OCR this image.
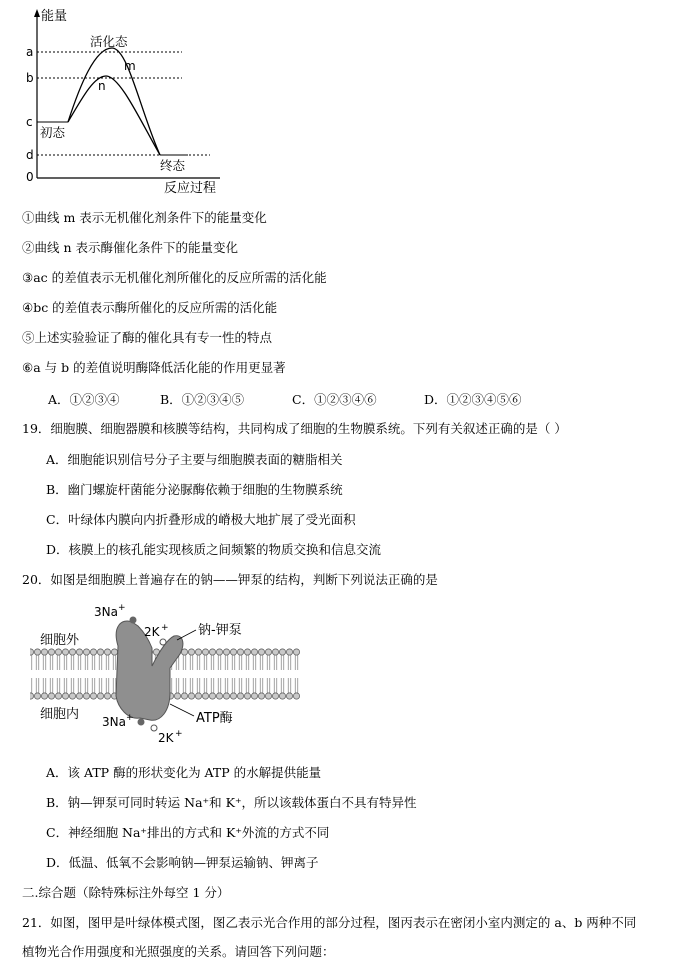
能量
a
b
c
d
0
活化态
m
n
初态
终态
反应过程
①曲线 m 表示无机催化剂条件下的能量变化
②曲线 n 表示酶催化条件下的能量变化
③ac 的差值表示无机催化剂所催化的反应所需的活化能
④bc 的差值表示酶所催化的反应所需的活化能
⑤上述实验验证了酶的催化具有专一性的特点
⑥a 与 b 的差值说明酶降低活化能的作用更显著
A．①②③④	B．①②③④⑤	C．①②③④⑥	D．①②③④⑤⑥
19．细胞膜、细胞器膜和核膜等结构，共同构成了细胞的生物膜系统。下列有关叙述正确的是（ ）
A．细胞能识别信号分子主要与细胞膜表面的糖脂相关
B．幽门螺旋杆菌能分泌脲酶依赖于细胞的生物膜系统
C．叶绿体内膜向内折叠形成的嵴极大地扩展了受光面积
D．核膜上的核孔能实现核质之间频繁的物质交换和信息交流
20．如图是细胞膜上普遍存在的钠——钾泵的结构，判断下列说法正确的是
3Na +
2K + 钠-钾泵
细胞外
细胞内 3Na +
2K +
ATP酶
A．该 ATP 酶的形状变化为 ATP 的水解提供能量
B．钠—钾泵可同时转运 Na⁺和 K⁺，所以该载体蛋白不具有特异性
C．神经细胞 Na⁺排出的方式和 K⁺外流的方式不同
D．低温、低氧不会影响钠—钾泵运输钠、钾离子
二.综合题（除特殊标注外每空 1 分）
21．如图，图甲是叶绿体模式图，图乙表示光合作用的部分过程，图丙表示在密闭小室内测定的 a、b 两种不同
植物光合作用强度和光照强度的关系。请回答下列问题：
